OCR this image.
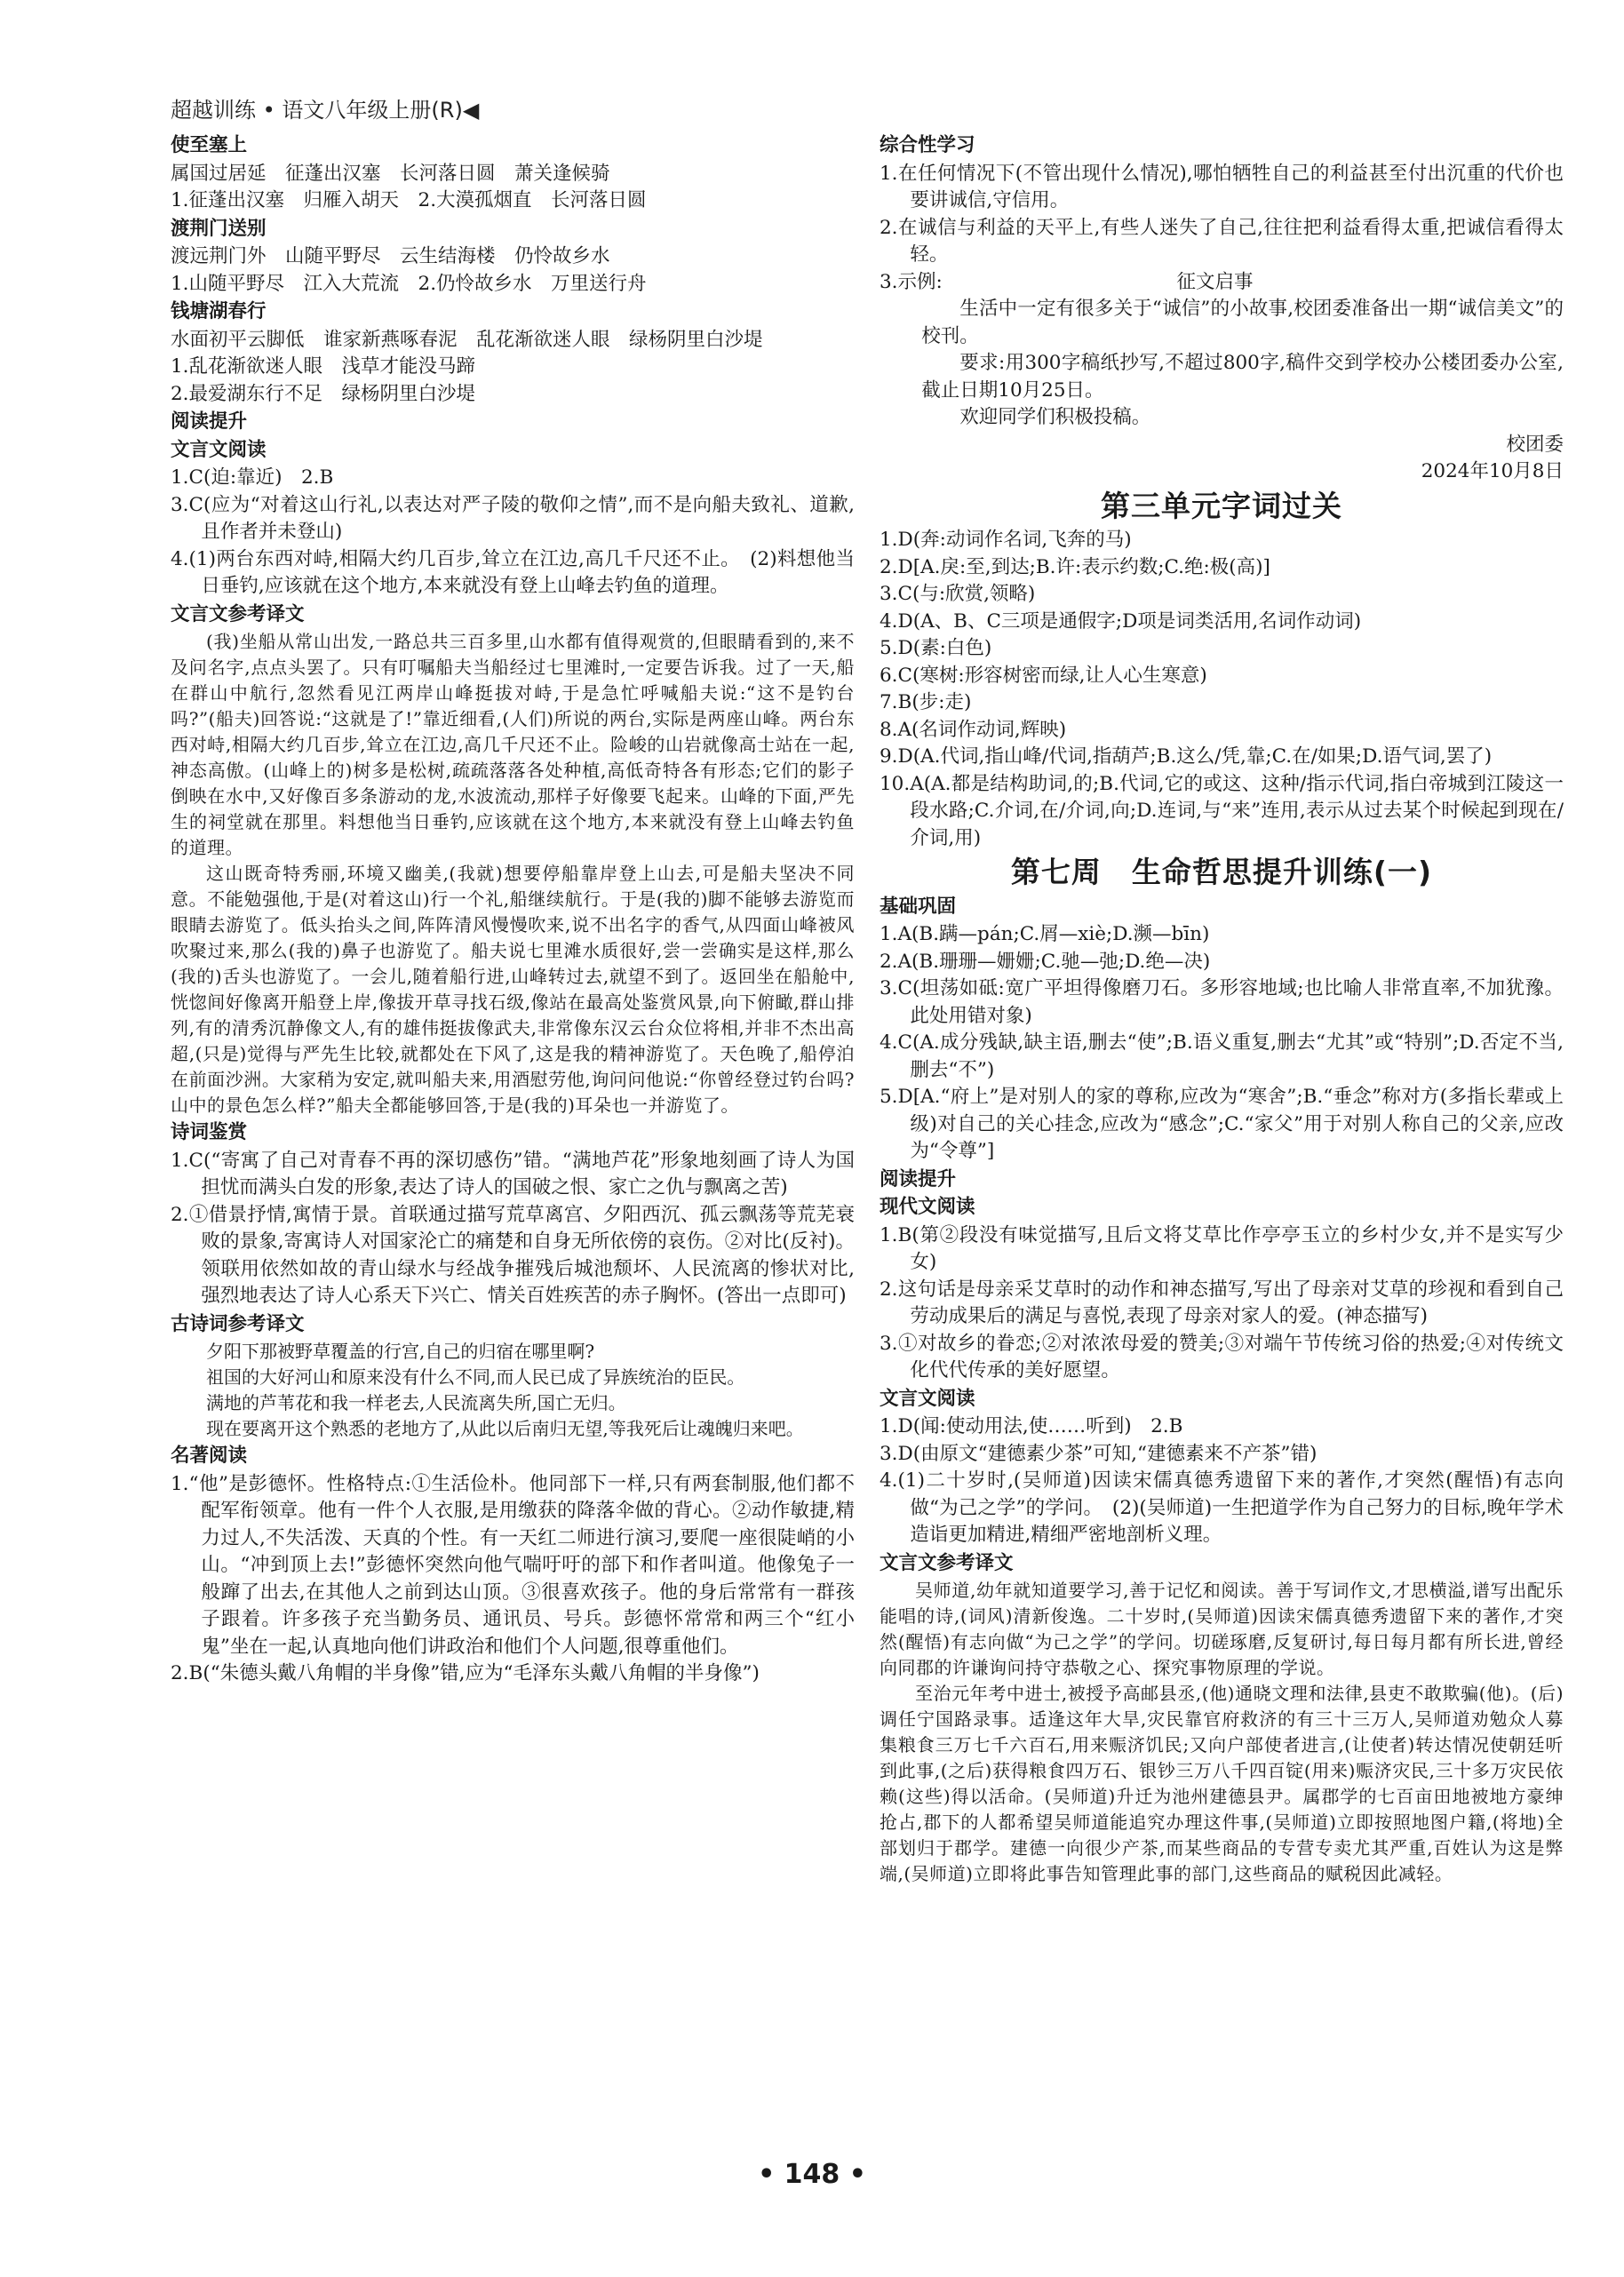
超越训练 • 语文八年级上册(R)◀
使至塞上

属国过居延　征蓬出汉塞　长河落日圆　萧关逢候骑

1.征蓬出汉塞　归雁入胡天　2.大漠孤烟直　长河落日圆

渡荆门送别

渡远荆门外　山随平野尽　云生结海楼　仍怜故乡水

1.山随平野尽　江入大荒流　2.仍怜故乡水　万里送行舟

钱塘湖春行

水面初平云脚低　谁家新燕啄春泥　乱花渐欲迷人眼　绿杨阴里白沙堤

1.乱花渐欲迷人眼　浅草才能没马蹄

2.最爱湖东行不足　绿杨阴里白沙堤

阅读提升
文言文阅读

1.C(迫:靠近)　2.B

3.C(应为“对着这山行礼,以表达对严子陵的敬仰之情”,而不是向船夫致礼、道歉,且作者并未登山)

4.(1)两台东西对峙,相隔大约几百步,耸立在江边,高几千尺还不止。　(2)料想他当日垂钓,应该就在这个地方,本来就没有登上山峰去钓鱼的道理。

文言文参考译文

(我)坐船从常山出发,一路总共三百多里,山水都有值得观赏的,但眼睛看到的,来不及问名字,点点头罢了。只有叮嘱船夫当船经过七里滩时,一定要告诉我。过了一天,船在群山中航行,忽然看见江两岸山峰挺拔对峙,于是急忙呼喊船夫说:“这不是钓台吗?”(船夫)回答说:“这就是了!”靠近细看,(人们)所说的两台,实际是两座山峰。两台东西对峙,相隔大约几百步,耸立在江边,高几千尺还不止。险峻的山岩就像高士站在一起,神态高傲。(山峰上的)树多是松树,疏疏落落各处种植,高低奇特各有形态;它们的影子倒映在水中,又好像百多条游动的龙,水波流动,那样子好像要飞起来。山峰的下面,严先生的祠堂就在那里。料想他当日垂钓,应该就在这个地方,本来就没有登上山峰去钓鱼的道理。

这山既奇特秀丽,环境又幽美,(我就)想要停船靠岸登上山去,可是船夫坚决不同意。不能勉强他,于是(对着这山)行一个礼,船继续航行。于是(我的)脚不能够去游览而眼睛去游览了。低头抬头之间,阵阵清风慢慢吹来,说不出名字的香气,从四面山峰被风吹聚过来,那么(我的)鼻子也游览了。船夫说七里滩水质很好,尝一尝确实是这样,那么(我的)舌头也游览了。一会儿,随着船行进,山峰转过去,就望不到了。返回坐在船舱中,恍惚间好像离开船登上岸,像拔开草寻找石级,像站在最高处鉴赏风景,向下俯瞰,群山排列,有的清秀沉静像文人,有的雄伟挺拔像武夫,非常像东汉云台众位将相,并非不杰出高超,(只是)觉得与严先生比较,就都处在下风了,这是我的精神游览了。天色晚了,船停泊在前面沙洲。大家稍为安定,就叫船夫来,用酒慰劳他,询问问他说:“你曾经登过钓台吗?山中的景色怎么样?”船夫全都能够回答,于是(我的)耳朵也一并游览了。

诗词鉴赏

1.C(“寄寓了自己对青春不再的深切感伤”错。“满地芦花”形象地刻画了诗人为国担忧而满头白发的形象,表达了诗人的国破之恨、家亡之仇与飘离之苦)

2.①借景抒情,寓情于景。首联通过描写荒草离宫、夕阳西沉、孤云飘荡等荒芜衰败的景象,寄寓诗人对国家沦亡的痛楚和自身无所依傍的哀伤。②对比(反衬)。领联用依然如故的青山绿水与经战争摧残后城池颓坏、人民流离的惨状对比,强烈地表达了诗人心系天下兴亡、情关百姓疾苦的赤子胸怀。(答出一点即可)

古诗词参考译文

夕阳下那被野草覆盖的行宫,自己的归宿在哪里啊?

祖国的大好河山和原来没有什么不同,而人民已成了异族统治的臣民。

满地的芦苇花和我一样老去,人民流离失所,国亡无归。

现在要离开这个熟悉的老地方了,从此以后南归无望,等我死后让魂魄归来吧。

名著阅读

1.“他”是彭德怀。性格特点:①生活俭朴。他同部下一样,只有两套制服,他们都不配军衔领章。他有一件个人衣服,是用缴获的降落伞做的背心。②动作敏捷,精力过人,不失活泼、天真的个性。有一天红二师进行演习,要爬一座很陡峭的小山。“冲到顶上去!”彭德怀突然向他气喘吁吁的部下和作者叫道。他像兔子一般蹿了出去,在其他人之前到达山顶。③很喜欢孩子。他的身后常常有一群孩子跟着。许多孩子充当勤务员、通讯员、号兵。彭德怀常常和两三个“红小鬼”坐在一起,认真地向他们讲政治和他们个人问题,很尊重他们。

2.B(“朱德头戴八角帽的半身像”错,应为“毛泽东头戴八角帽的半身像”)

综合性学习

1.在任何情况下(不管出现什么情况),哪怕牺牲自己的利益甚至付出沉重的代价也要讲诚信,守信用。

2.在诚信与利益的天平上,有些人迷失了自己,往往把利益看得太重,把诚信看得太轻。

3.示例:	征文启事

生活中一定有很多关于“诚信”的小故事,校团委准备出一期“诚信美文”的校刊。

要求:用300字稿纸抄写,不超过800字,稿件交到学校办公楼团委办公室,截止日期10月25日。

欢迎同学们积极投稿。

校团委

2024年10月8日

第三单元字词过关

1.D(奔:动词作名词,飞奔的马)

2.D[A.戾:至,到达;B.许:表示约数;C.绝:极(高)]

3.C(与:欣赏,领略)

4.D(A、B、C三项是通假字;D项是词类活用,名词作动词)

5.D(素:白色)

6.C(寒树:形容树密而绿,让人心生寒意)

7.B(步:走)

8.A(名词作动词,辉映)

9.D(A.代词,指山峰/代词,指葫芦;B.这么/凭,靠;C.在/如果;D.语气词,罢了)

10.A(A.都是结构助词,的;B.代词,它的或这、这种/指示代词,指白帝城到江陵这一段水路;C.介词,在/介词,向;D.连词,与“来”连用,表示从过去某个时候起到现在/介词,用)

第七周　生命哲思提升训练(一)
基础巩固

1.A(B.蹒—pán;C.屑—xiè;D.濒—bīn)

2.A(B.珊珊—姗姗;C.驰—弛;D.绝—决)

3.C(坦荡如砥:宽广平坦得像磨刀石。多形容地域;也比喻人非常直率,不加犹豫。此处用错对象)

4.C(A.成分残缺,缺主语,删去“使”;B.语义重复,删去“尤其”或“特别”;D.否定不当,删去“不”)

5.D[A.“府上”是对别人的家的尊称,应改为“寒舍”;B.“垂念”称对方(多指长辈或上级)对自己的关心挂念,应改为“感念”;C.“家父”用于对别人称自己的父亲,应改为“令尊”]

阅读提升
现代文阅读

1.B(第②段没有味觉描写,且后文将艾草比作亭亭玉立的乡村少女,并不是实写少女)

2.这句话是母亲采艾草时的动作和神态描写,写出了母亲对艾草的珍视和看到自己劳动成果后的满足与喜悦,表现了母亲对家人的爱。(神态描写)

3.①对故乡的眷恋;②对浓浓母爱的赞美;③对端午节传统习俗的热爱;④对传统文化代代传承的美好愿望。

文言文阅读

1.D(闻:使动用法,使……听到)　2.B

3.D(由原文“建德素少茶”可知,“建德素来不产茶”错)

4.(1)二十岁时,(吴师道)因读宋儒真德秀遗留下来的著作,才突然(醒悟)有志向做“为己之学”的学问。　(2)(吴师道)一生把道学作为自己努力的目标,晚年学术造诣更加精进,精细严密地剖析义理。

文言文参考译文

吴师道,幼年就知道要学习,善于记忆和阅读。善于写词作文,才思横溢,谱写出配乐能唱的诗,(词风)清新俊逸。二十岁时,(吴师道)因读宋儒真德秀遗留下来的著作,才突然(醒悟)有志向做“为己之学”的学问。切磋琢磨,反复研讨,每日每月都有所长进,曾经向同郡的许谦询问持守恭敬之心、探究事物原理的学说。

至治元年考中进士,被授予高邮县丞,(他)通晓文理和法律,县吏不敢欺骗(他)。(后)调任宁国路录事。适逢这年大旱,灾民靠官府救济的有三十三万人,吴师道劝勉众人募集粮食三万七千六百石,用来赈济饥民;又向户部使者进言,(让使者)转达情况使朝廷听到此事,(之后)获得粮食四万石、银钞三万八千四百锭(用来)赈济灾民,三十多万灾民依赖(这些)得以活命。(吴师道)升迁为池州建德县尹。属郡学的七百亩田地被地方豪绅抢占,郡下的人都希望吴师道能追究办理这件事,(吴师道)立即按照地图户籍,(将地)全部划归于郡学。建德一向很少产茶,而某些商品的专营专卖尤其严重,百姓认为这是弊端,(吴师道)立即将此事告知管理此事的部门,这些商品的赋税因此减轻。

• 148 •
